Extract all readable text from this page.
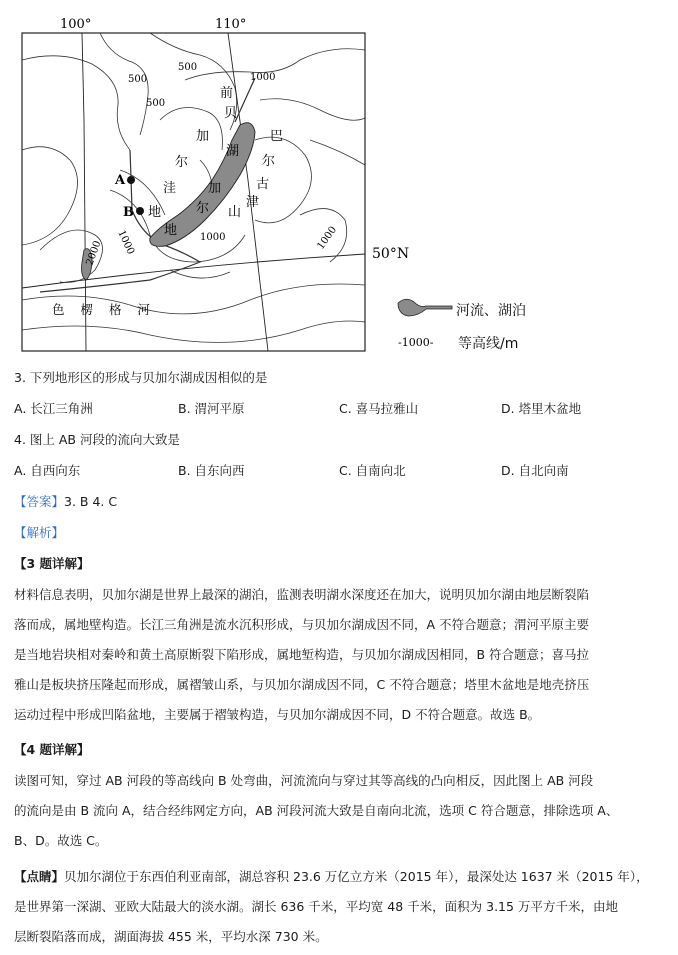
100°	110°
50°N
500
500
500
1000
1000	1000
1000
2000
A
B
前
贝
加
尔
湖
巴
尔
古
津
山
地
洼
地
加
尔
色 楞 格 河
-1000-
河流、湖泊
等高线/m
3. 下列地形区的形成与贝加尔湖成因相似的是
A. 长江三角洲	B. 渭河平原	C. 喜马拉雅山	D. 塔里木盆地
4. 图上 AB 河段的流向大致是
A. 自西向东	B. 自东向西	C. 自南向北	D. 自北向南
【答案】3. B 4. C
【解析】
【3 题详解】
材料信息表明，贝加尔湖是世界上最深的湖泊，监测表明湖水深度还在加大，说明贝加尔湖由地层断裂陷
落而成，属地壁构造。长江三角洲是流水沉积形成，与贝加尔湖成因不同，A 不符合题意；渭河平原主要
是当地岩块相对秦岭和黄土高原断裂下陷形成，属地堑构造，与贝加尔湖成因相同，B 符合题意；喜马拉
雅山是板块挤压隆起而形成，属褶皱山系，与贝加尔湖成因不同，C 不符合题意；塔里木盆地是地壳挤压
运动过程中形成凹陷盆地，主要属于褶皱构造，与贝加尔湖成因不同，D 不符合题意。故选 B。
【4 题详解】
读图可知，穿过 AB 河段的等高线向 B 处弯曲，河流流向与穿过其等高线的凸向相反，因此图上 AB 河段
的流向是由 B 流向 A，结合经纬网定方向，AB 河段河流大致是自南向北流，选项 C 符合题意，排除选项 A、
B、D。故选 C。
【点睛】贝加尔湖位于东西伯利亚南部，湖总容积 23.6 万亿立方米（2015 年），最深处达 1637 米（2015 年），
是世界第一深湖、亚欧大陆最大的淡水湖。湖长 636 千米，平均宽 48 千米，面积为 3.15 万平方千米，由地
层断裂陷落而成，湖面海拔 455 米，平均水深 730 米。
